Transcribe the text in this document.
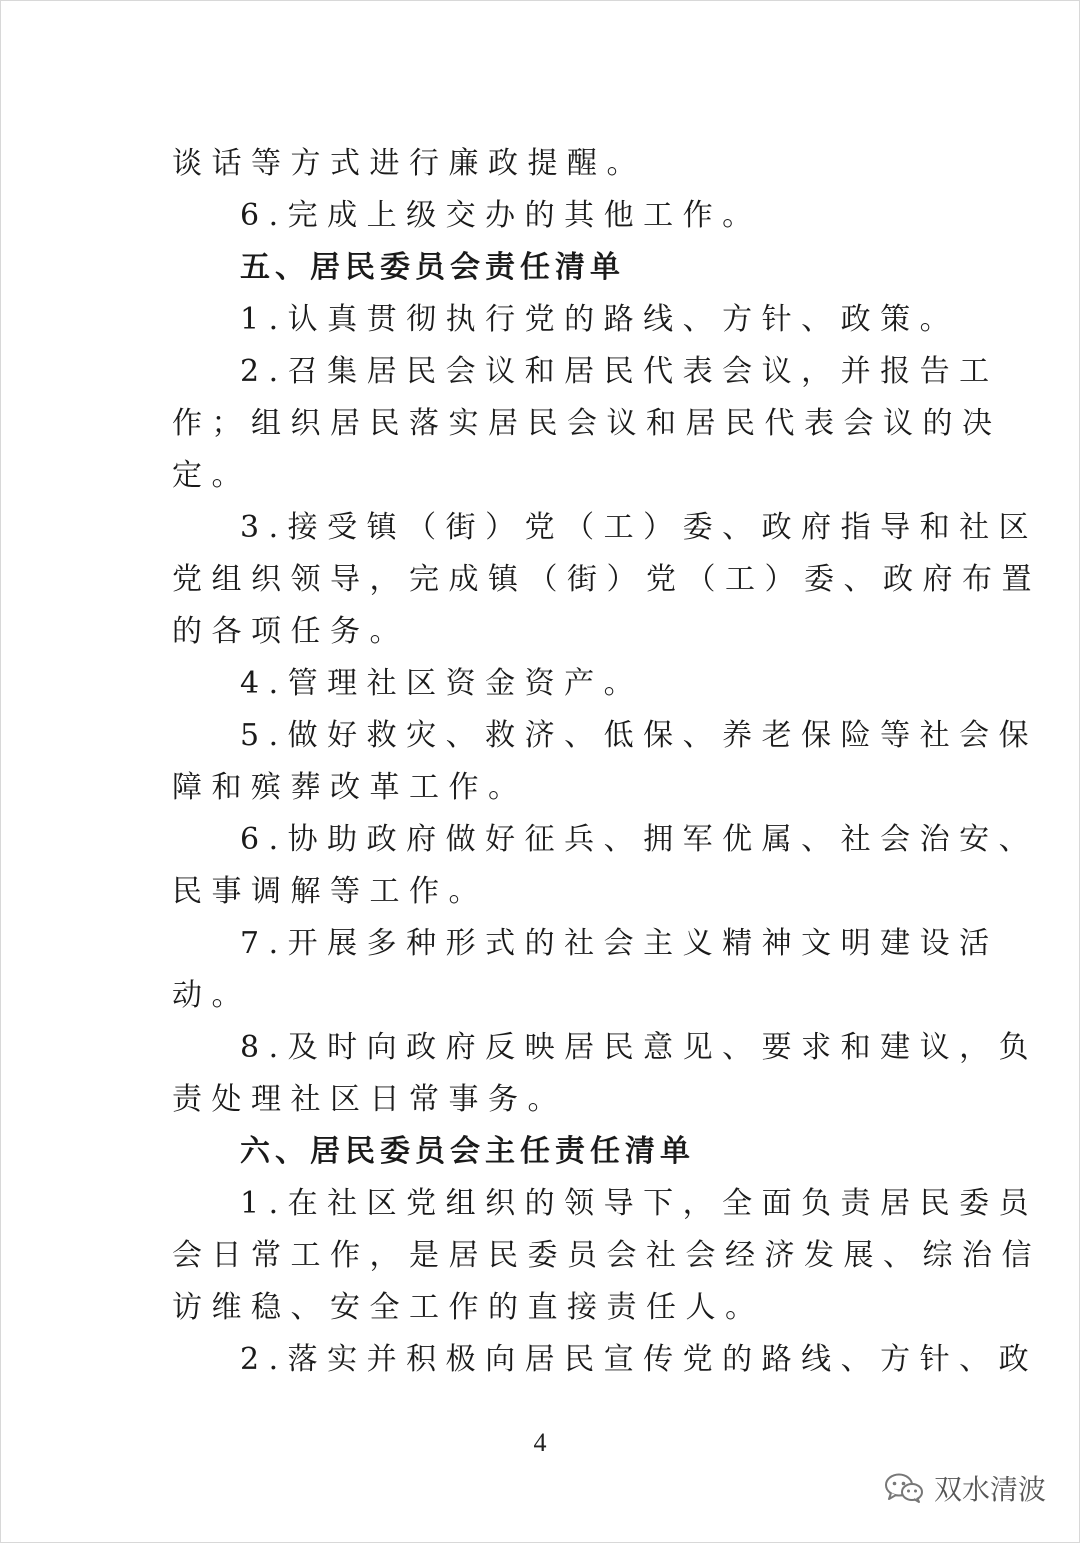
谈话等方式进行廉政提醒。
6.完成上级交办的其他工作。
五、居民委员会责任清单
1.认真贯彻执行党的路线、方针、政策。
2.召集居民会议和居民代表会议，并报告工
作；组织居民落实居民会议和居民代表会议的决
定。
3.接受镇（街）党（工）委、政府指导和社区
党组织领导，完成镇（街）党（工）委、政府布置
的各项任务。
4.管理社区资金资产。
5.做好救灾、救济、低保、养老保险等社会保
障和殡葬改革工作。
6.协助政府做好征兵、拥军优属、社会治安、
民事调解等工作。
7.开展多种形式的社会主义精神文明建设活
动。
8.及时向政府反映居民意见、要求和建议，负
责处理社区日常事务。
六、居民委员会主任责任清单
1.在社区党组织的领导下，全面负责居民委员
会日常工作，是居民委员会社会经济发展、综治信
访维稳、安全工作的直接责任人。
2.落实并积极向居民宣传党的路线、方针、政
4
双水清波
